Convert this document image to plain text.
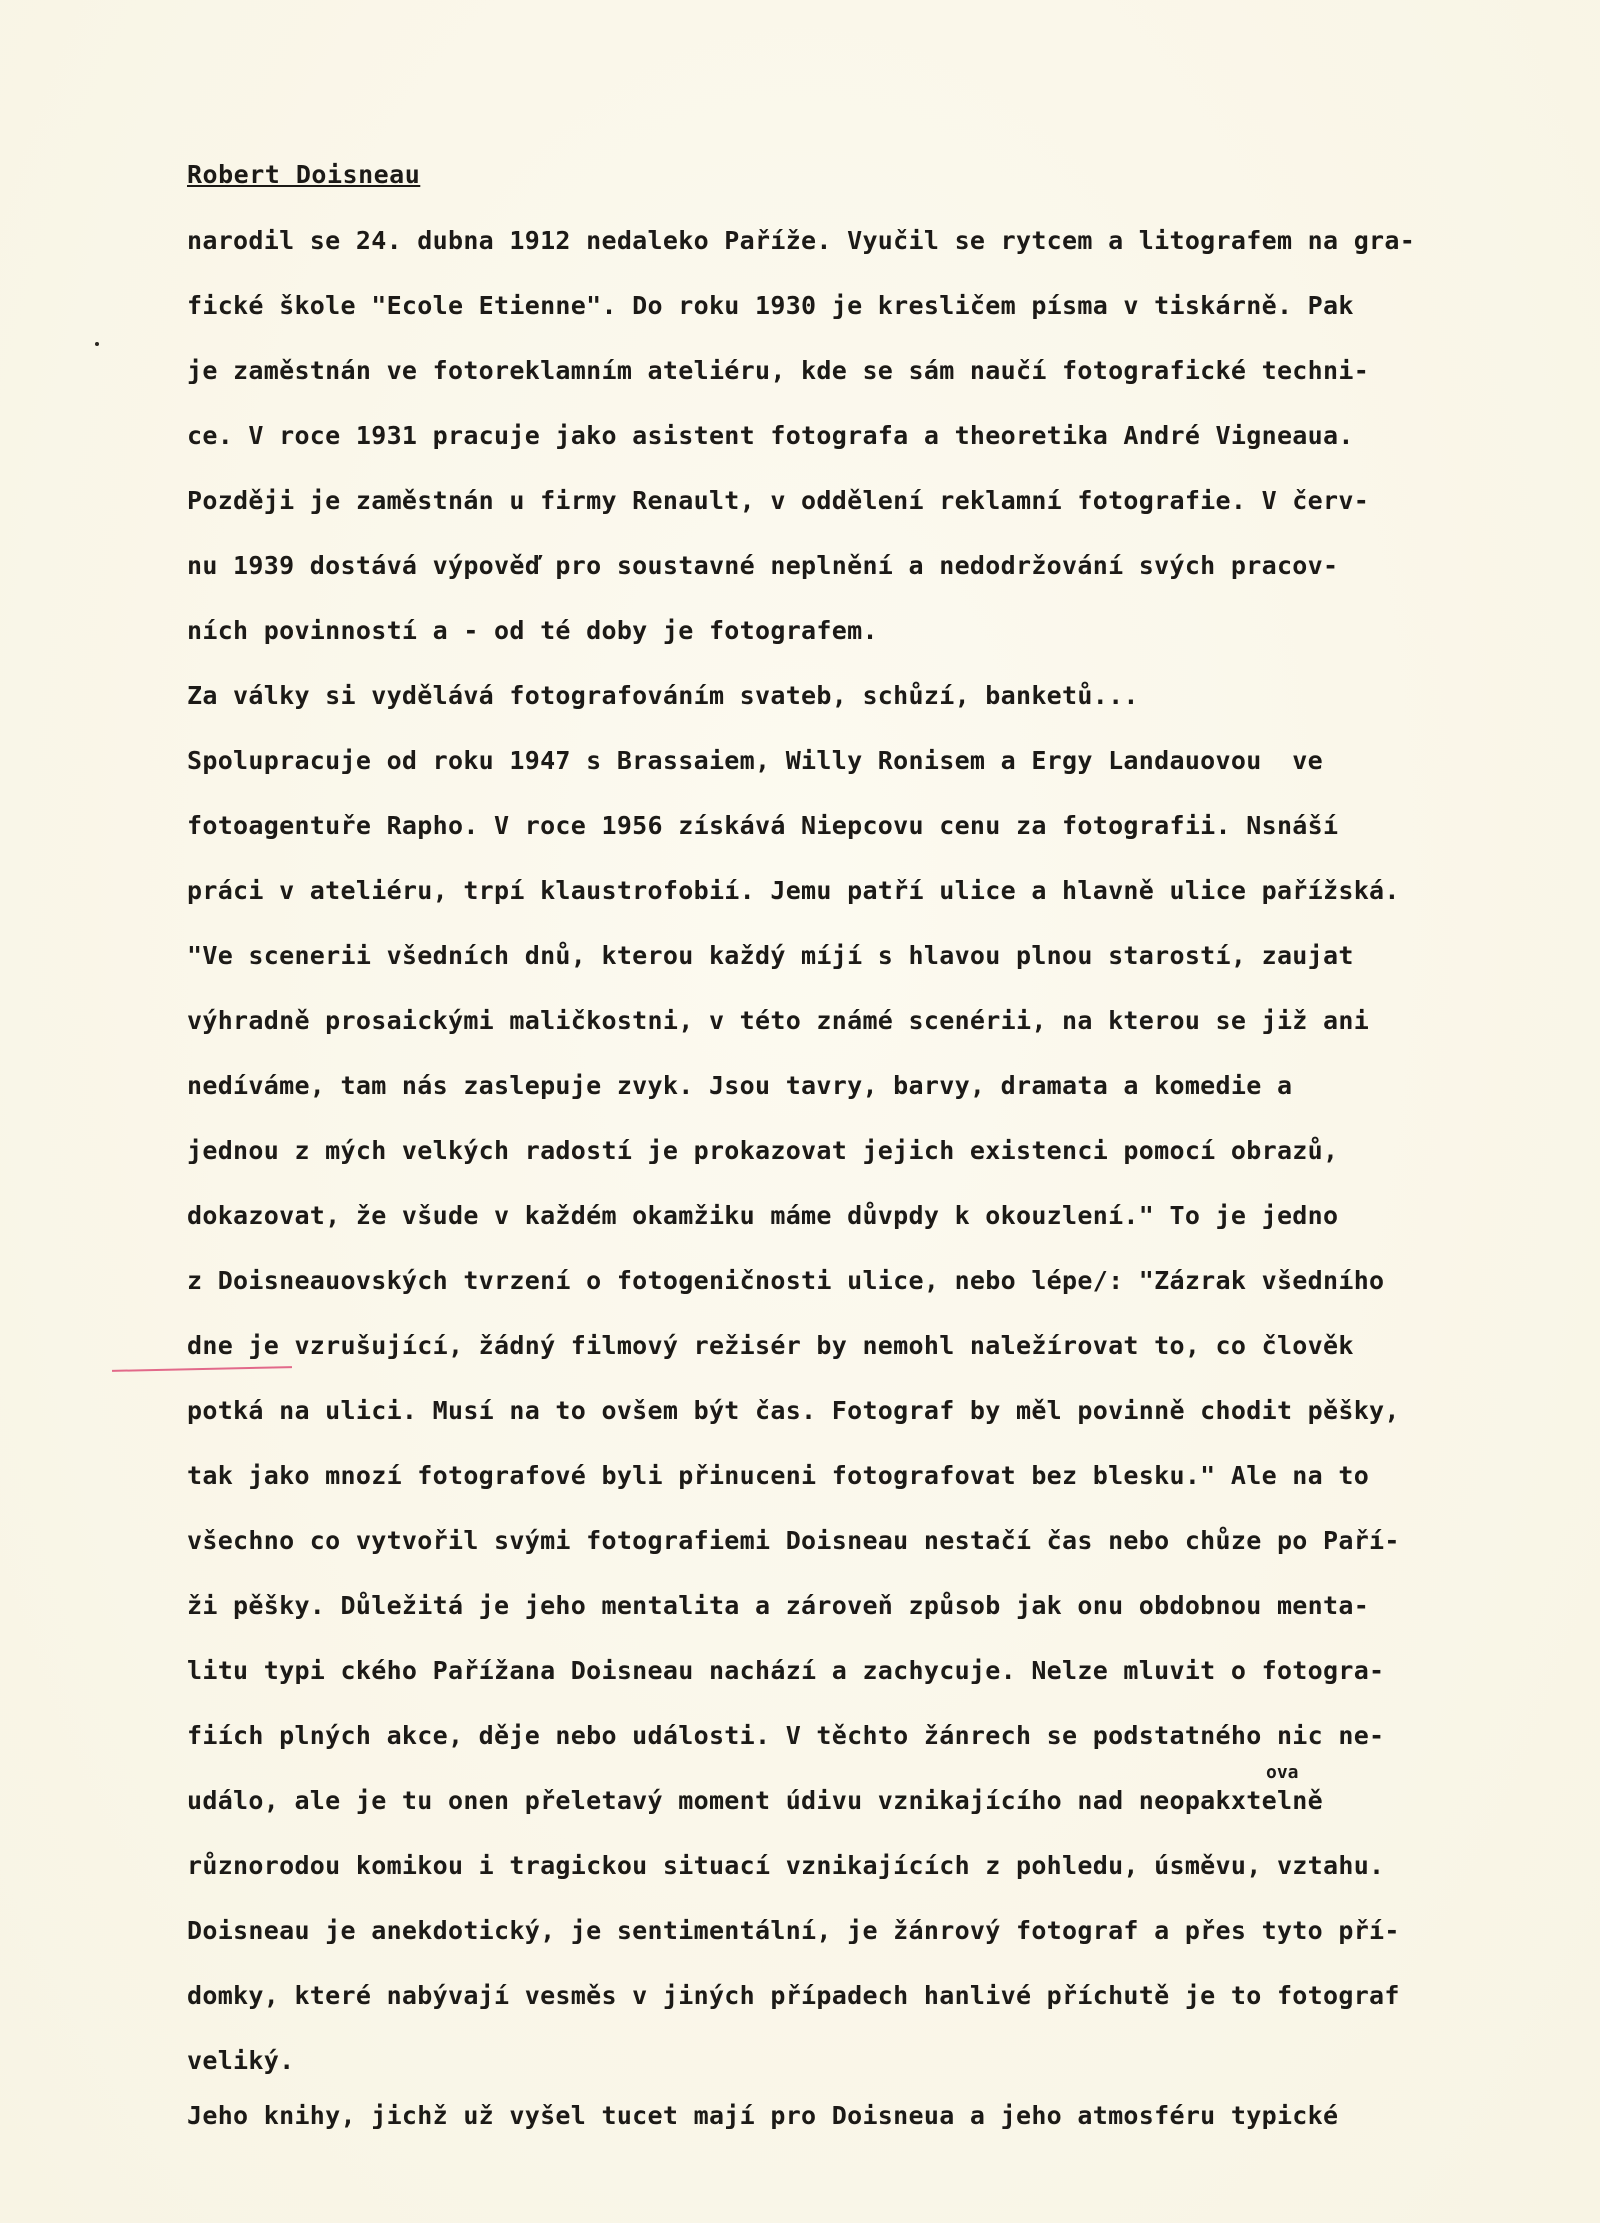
Robert Doisneau
narodil se 24. dubna 1912 nedaleko Paříže. Vyučil se rytcem a litografem na gra-
fické škole "Ecole Etienne". Do roku 1930 je kresličem písma v tiskárně. Pak
je zaměstnán ve fotoreklamním ateliéru, kde se sám naučí fotografické techni-
ce. V roce 1931 pracuje jako asistent fotografa a theoretika André Vigneaua.
Později je zaměstnán u firmy Renault, v oddělení reklamní fotografie. V červ-
nu 1939 dostává výpověď pro soustavné neplnění a nedodržování svých pracov-
ních povinností a - od té doby je fotografem.
Za války si vydělává fotografováním svateb, schůzí, banketů...
Spolupracuje od roku 1947 s Brassaiem, Willy Ronisem a Ergy Landauovou  ve
fotoagentuře Rapho. V roce 1956 získává Niepcovu cenu za fotografii. Nsnáší
práci v ateliéru, trpí klaustrofobií. Jemu patří ulice a hlavně ulice pařížská.
"Ve scenerii všedních dnů, kterou každý míjí s hlavou plnou starostí, zaujat
výhradně prosaickými maličkostni, v této známé scenérii, na kterou se již ani
nedíváme, tam nás zaslepuje zvyk. Jsou tavry, barvy, dramata a komedie a
jednou z mých velkých radostí je prokazovat jejich existenci pomocí obrazů,
dokazovat, že všude v každém okamžiku máme důvpdy k okouzlení." To je jedno
z Doisneauovských tvrzení o fotogeničnosti ulice, nebo lépe/: "Zázrak všedního
dne je vzrušující, žádný filmový režisér by nemohl naležírovat to, co člověk
potká na ulici. Musí na to ovšem být čas. Fotograf by měl povinně chodit pěšky,
tak jako mnozí fotografové byli přinuceni fotografovat bez blesku." Ale na to
všechno co vytvořil svými fotografiemi Doisneau nestačí čas nebo chůze po Paří-
ži pěšky. Důležitá je jeho mentalita a zároveň způsob jak onu obdobnou menta-
litu typi ckého Pařížana Doisneau nachází a zachycuje. Nelze mluvit o fotogra-
fiích plných akce, děje nebo události. V těchto žánrech se podstatného nic ne-
událo, ale je tu onen přeletavý moment údivu vznikajícího nad neopakxtelně
různorodou komikou i tragickou situací vznikajících z pohledu, úsměvu, vztahu.
Doisneau je anekdotický, je sentimentální, je žánrový fotograf a přes tyto pří-
domky, které nabývají vesměs v jiných případech hanlivé příchutě je to fotograf
veliký.
Jeho knihy, jichž už vyšel tucet mají pro Doisneua a jeho atmosféru typické
ova
